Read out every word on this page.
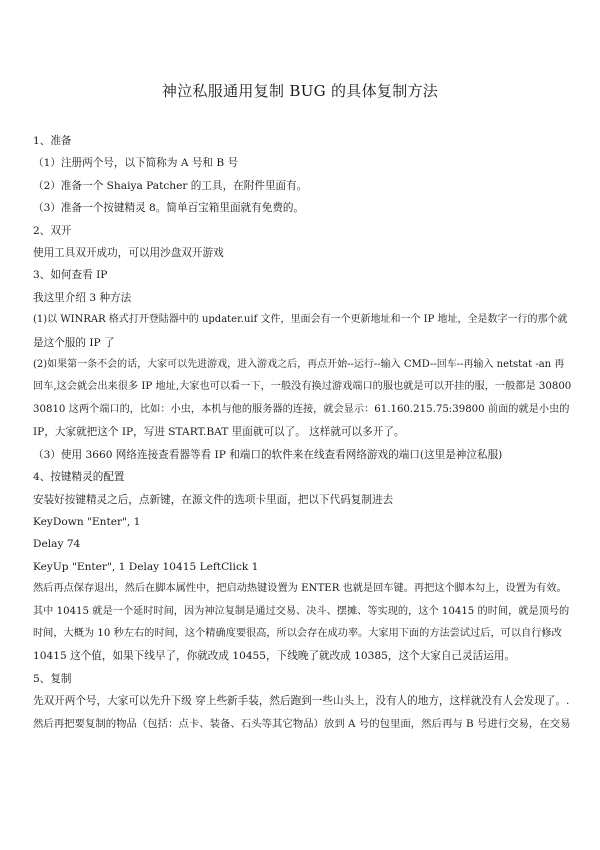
神泣私服通用复制 BUG 的具体复制方法

1、准备

（1）注册两个号，以下简称为 A 号和 B 号

（2）准备一个 Shaiya Patcher 的工具，在附件里面有。

（3）准备一个按键精灵 8。简单百宝箱里面就有免费的。

2、双开

使用工具双开成功，可以用沙盘双开游戏

3、如何查看 IP

我这里介绍 3 种方法

(1)以 WINRAR 格式打开登陆器中的 updater.uif 文件，里面会有一个更新地址和一个 IP 地址，全是数字一行的那个就

是这个服的 IP 了

(2)如果第一条不会的话，大家可以先进游戏，进入游戏之后，再点开始--运行--输入 CMD--回车--再输入 netstat -an 再

回车,这会就会出来很多 IP 地址,大家也可以看一下，一般没有换过游戏端口的服也就是可以开挂的服，一般都是 30800

30810 这两个端口的，比如：小虫，本机与他的服务器的连接，就会显示：61.160.215.75:39800 前面的就是小虫的

IP，大家就把这个 IP，写进 START.BAT 里面就可以了。 这样就可以多开了。

（3）使用 3660 网络连接查看器等看 IP 和端口的软件来在线查看网络游戏的端口(这里是神泣私服)

4、按键精灵的配置

安装好按键精灵之后，点新键，在源文件的选项卡里面，把以下代码复制进去

KeyDown "Enter", 1

Delay 74

KeyUp "Enter", 1 Delay 10415 LeftClick 1

然后再点保存退出，然后在脚本属性中，把启动热键设置为 ENTER 也就是回车键。再把这个脚本勾上，设置为有效。

其中 10415 就是一个延时时间，因为神泣复制是通过交易、决斗、摆摊、等实现的，这个 10415 的时间，就是顶号的

时间，大概为 10 秒左右的时间，这个精确度要很高，所以会存在成功率。大家用下面的方法尝试过后，可以自行修改

10415 这个值，如果下线早了，你就改成 10455，下线晚了就改成 10385，这个大家自己灵活运用。

5、复制

先双开两个号，大家可以先升下级 穿上些新手装，然后跑到一些山头上，没有人的地方，这样就没有人会发现了。.

然后再把要复制的物品（包括：点卡、装备、石头等其它物品）放到 A 号的包里面，然后再与 B 号进行交易，在交易
